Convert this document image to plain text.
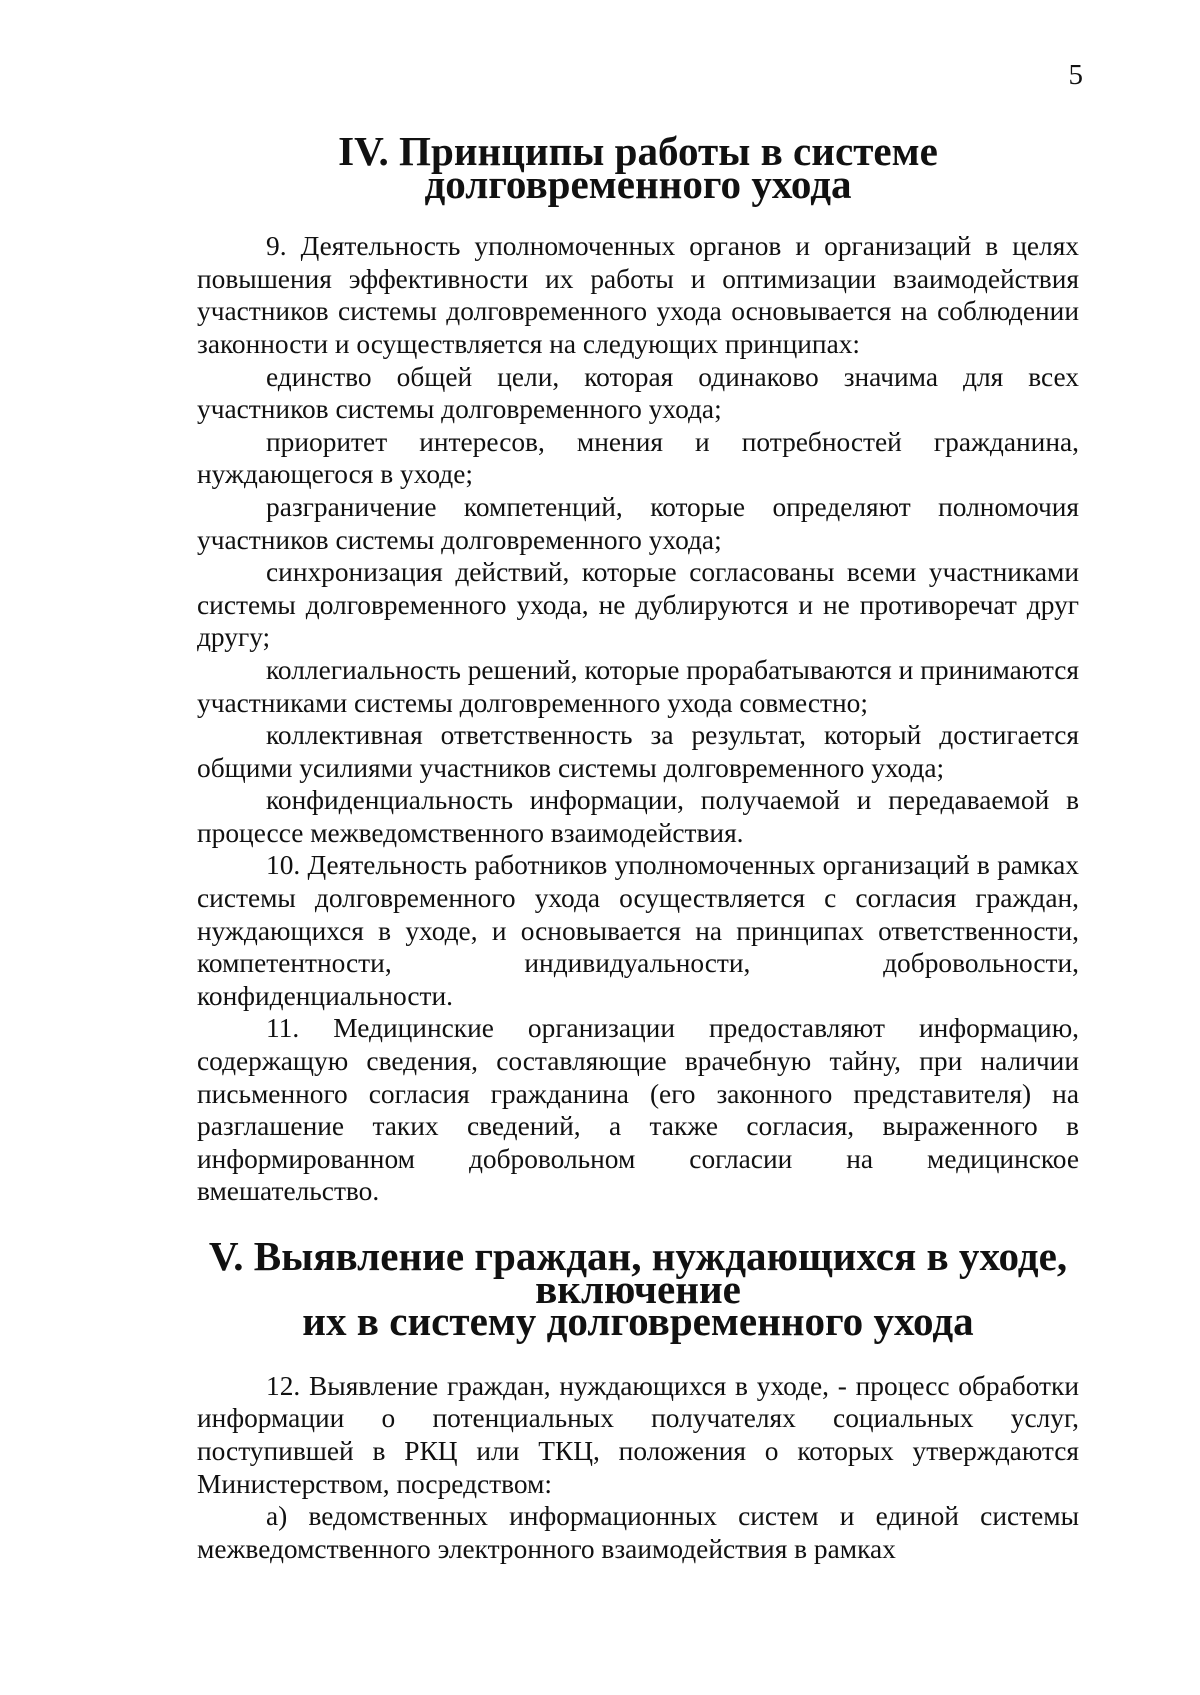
5
IV. Принципы работы в системе долговременного ухода

9. Деятельность уполномоченных органов и организаций в целях повышения эффективности их работы и оптимизации взаимодействия участников системы долговременного ухода основывается на соблюдении законности и осуществляется на следующих принципах:

единство общей цели, которая одинаково значима для всех участников системы долговременного ухода;

приоритет интересов, мнения и потребностей гражданина, нуждающегося в уходе;

разграничение компетенций, которые определяют полномочия участников системы долговременного ухода;

синхронизация действий, которые согласованы всеми участниками системы долговременного ухода, не дублируются и не противоречат друг другу;

коллегиальность решений, которые прорабатываются и принимаются участниками системы долговременного ухода совместно;

коллективная ответственность за результат, который достигается общими усилиями участников системы долговременного ухода;

конфиденциальность информации, получаемой и передаваемой в процессе межведомственного взаимодействия.

10. Деятельность работников уполномоченных организаций в рамках системы долговременного ухода осуществляется с согласия граждан, нуждающихся в уходе, и основывается на принципах ответственности, компетентности, индивидуальности, добровольности, конфиденциальности.

11. Медицинские организации предоставляют информацию, содержащую сведения, составляющие врачебную тайну, при наличии письменного согласия гражданина (его законного представителя) на разглашение таких сведений, а также согласия, выраженного в информированном добровольном согласии на медицинское вмешательство.

V. Выявление граждан, нуждающихся в уходе, включение
их в систему долговременного ухода

12. Выявление граждан, нуждающихся в уходе, - процесс обработки информации о потенциальных получателях социальных услуг, поступившей в РКЦ или ТКЦ, положения о которых утверждаются Министерством, посредством:

а) ведомственных информационных систем и единой системы межведомственного электронного взаимодействия в рамках
